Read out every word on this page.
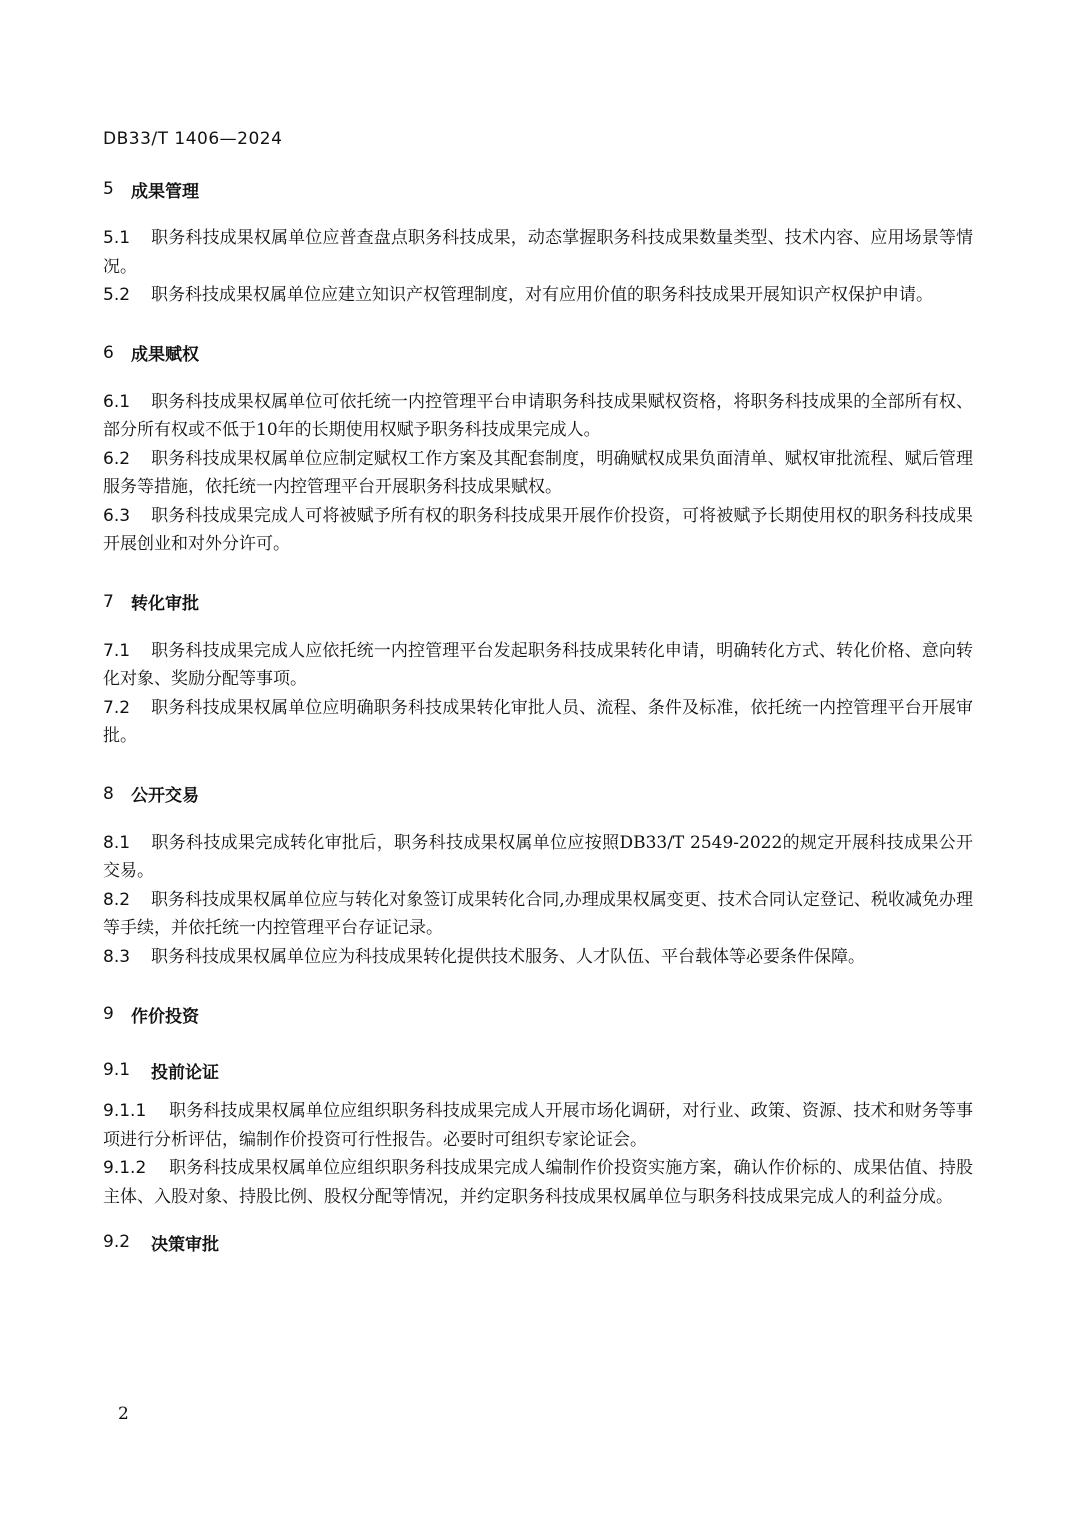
DB33/T 1406—2024
5	成果管理

5.1 职务科技成果权属单位应普查盘点职务科技成果，动态掌握职务科技成果数量类型、技术内容、应用场景等情况。

5.2 职务科技成果权属单位应建立知识产权管理制度，对有应用价值的职务科技成果开展知识产权保护申请。

6	成果赋权

6.1 职务科技成果权属单位可依托统一内控管理平台申请职务科技成果赋权资格，将职务科技成果的全部所有权、部分所有权或不低于10年的长期使用权赋予职务科技成果完成人。

6.2 职务科技成果权属单位应制定赋权工作方案及其配套制度，明确赋权成果负面清单、赋权审批流程、赋后管理服务等措施，依托统一内控管理平台开展职务科技成果赋权。

6.3 职务科技成果完成人可将被赋予所有权的职务科技成果开展作价投资，可将被赋予长期使用权的职务科技成果开展创业和对外分许可。

7	转化审批

7.1 职务科技成果完成人应依托统一内控管理平台发起职务科技成果转化申请，明确转化方式、转化价格、意向转化对象、奖励分配等事项。

7.2 职务科技成果权属单位应明确职务科技成果转化审批人员、流程、条件及标准，依托统一内控管理平台开展审批。

8	公开交易

8.1 职务科技成果完成转化审批后，职务科技成果权属单位应按照DB33/T 2549-2022的规定开展科技成果公开交易。

8.2 职务科技成果权属单位应与转化对象签订成果转化合同,办理成果权属变更、技术合同认定登记、税收减免办理等手续，并依托统一内控管理平台存证记录。

8.3 职务科技成果权属单位应为科技成果转化提供技术服务、人才队伍、平台载体等必要条件保障。

9	作价投资
9.1	投前论证

9.1.1 职务科技成果权属单位应组织职务科技成果完成人开展市场化调研，对行业、政策、资源、技术和财务等事项进行分析评估，编制作价投资可行性报告。必要时可组织专家论证会。

9.1.2 职务科技成果权属单位应组织职务科技成果完成人编制作价投资实施方案，确认作价标的、成果估值、持股主体、入股对象、持股比例、股权分配等情况，并约定职务科技成果权属单位与职务科技成果完成人的利益分成。

9.2	决策审批
2
